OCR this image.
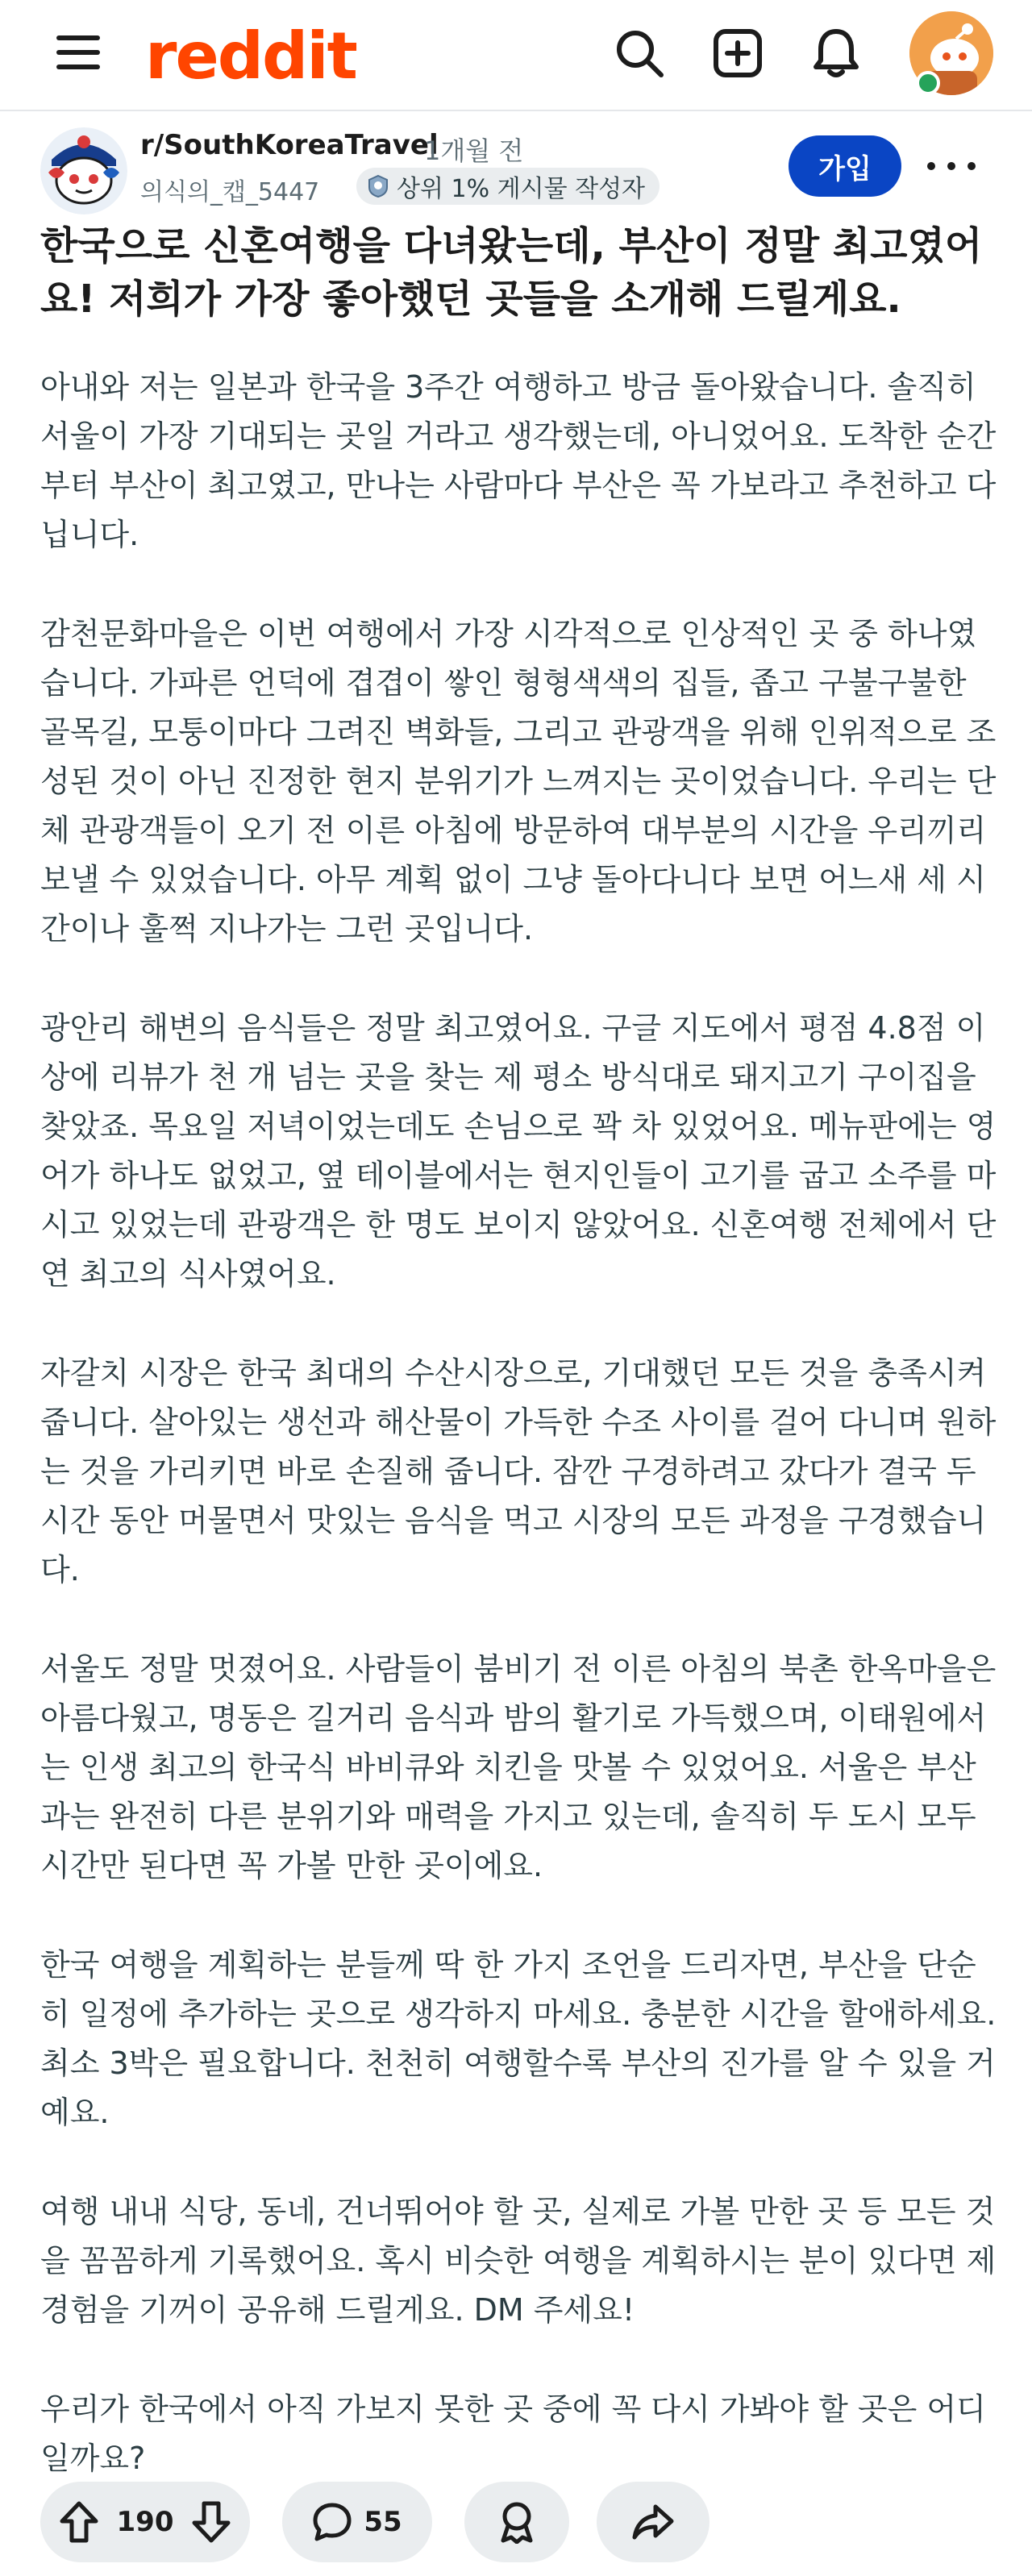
reddit
r/SouthKoreaTravel
1개월 전
의식의_캡_5447	상위 1% 게시물 작성자
가입
한국으로 신혼여행을 다녀왔는데, 부산이 정말 최고였어요! 저희가 가장 좋아했던 곳들을 소개해 드릴게요.

아내와 저는 일본과 한국을 3주간 여행하고 방금 돌아왔습니다. 솔직히 서울이 가장 기대되는 곳일 거라고 생각했는데, 아니었어요. 도착한 순간부터 부산이 최고였고, 만나는 사람마다 부산은 꼭 가보라고 추천하고 다닙니다.

감천문화마을은 이번 여행에서 가장 시각적으로 인상적인 곳 중 하나였습니다. 가파른 언덕에 겹겹이 쌓인 형형색색의 집들, 좁고 구불구불한 골목길, 모퉁이마다 그려진 벽화들, 그리고 관광객을 위해 인위적으로 조성된 것이 아닌 진정한 현지 분위기가 느껴지는 곳이었습니다. 우리는 단체 관광객들이 오기 전 이른 아침에 방문하여 대부분의 시간을 우리끼리 보낼 수 있었습니다. 아무 계획 없이 그냥 돌아다니다 보면 어느새 세 시간이나 훌쩍 지나가는 그런 곳입니다.

광안리 해변의 음식들은 정말 최고였어요. 구글 지도에서 평점 4.8점 이상에 리뷰가 천 개 넘는 곳을 찾는 제 평소 방식대로 돼지고기 구이집을 찾았죠. 목요일 저녁이었는데도 손님으로 꽉 차 있었어요. 메뉴판에는 영어가 하나도 없었고, 옆 테이블에서는 현지인들이 고기를 굽고 소주를 마시고 있었는데 관광객은 한 명도 보이지 않았어요. 신혼여행 전체에서 단연 최고의 식사였어요.

자갈치 시장은 한국 최대의 수산시장으로, 기대했던 모든 것을 충족시켜 줍니다. 살아있는 생선과 해산물이 가득한 수조 사이를 걸어 다니며 원하는 것을 가리키면 바로 손질해 줍니다. 잠깐 구경하려고 갔다가 결국 두 시간 동안 머물면서 맛있는 음식을 먹고 시장의 모든 과정을 구경했습니다.

서울도 정말 멋졌어요. 사람들이 붐비기 전 이른 아침의 북촌 한옥마을은 아름다웠고, 명동은 길거리 음식과 밤의 활기로 가득했으며, 이태원에서는 인생 최고의 한국식 바비큐와 치킨을 맛볼 수 있었어요. 서울은 부산과는 완전히 다른 분위기와 매력을 가지고 있는데, 솔직히 두 도시 모두 시간만 된다면 꼭 가볼 만한 곳이에요.

한국 여행을 계획하는 분들께 딱 한 가지 조언을 드리자면, 부산을 단순히 일정에 추가하는 곳으로 생각하지 마세요. 충분한 시간을 할애하세요. 최소 3박은 필요합니다. 천천히 여행할수록 부산의 진가를 알 수 있을 거예요.

여행 내내 식당, 동네, 건너뛰어야 할 곳, 실제로 가볼 만한 곳 등 모든 것을 꼼꼼하게 기록했어요. 혹시 비슷한 여행을 계획하시는 분이 있다면 제 경험을 기꺼이 공유해 드릴게요. DM 주세요!

우리가 한국에서 아직 가보지 못한 곳 중에 꼭 다시 가봐야 할 곳은 어디일까요?

190	55
